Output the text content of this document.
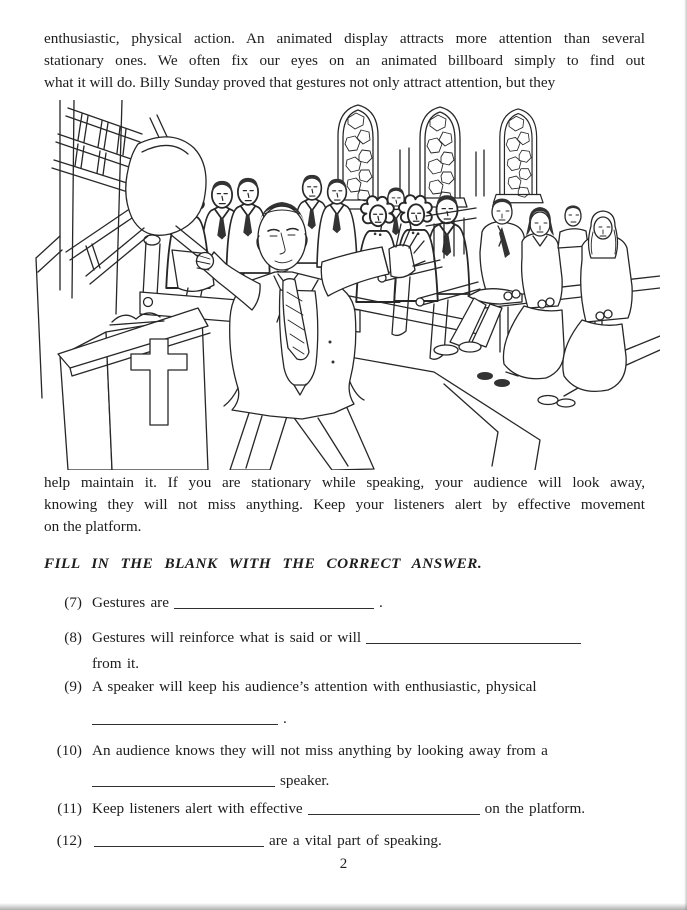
enthusiastic, physical action. An animated display attracts more attention than several
stationary ones. We often fix our eyes on an animated billboard simply to find out
what it will do. Billy Sunday proved that gestures not only attract attention, but they
help maintain it. If you are stationary while speaking, your audience will look away,
knowing they will not miss anything. Keep your listeners alert by effective movement
on the platform.
FILL IN THE BLANK WITH THE CORRECT ANSWER.
(7) Gestures are	.
(8) Gestures will reinforce what is said or will
from it.
(9) A speaker will keep his audience’s attention with enthusiastic, physical
.
(10) An audience knows they will not miss anything by looking away from a
speaker.
(11) Keep listeners alert with effective	on the platform.
(12)	are a vital part of speaking.
2
